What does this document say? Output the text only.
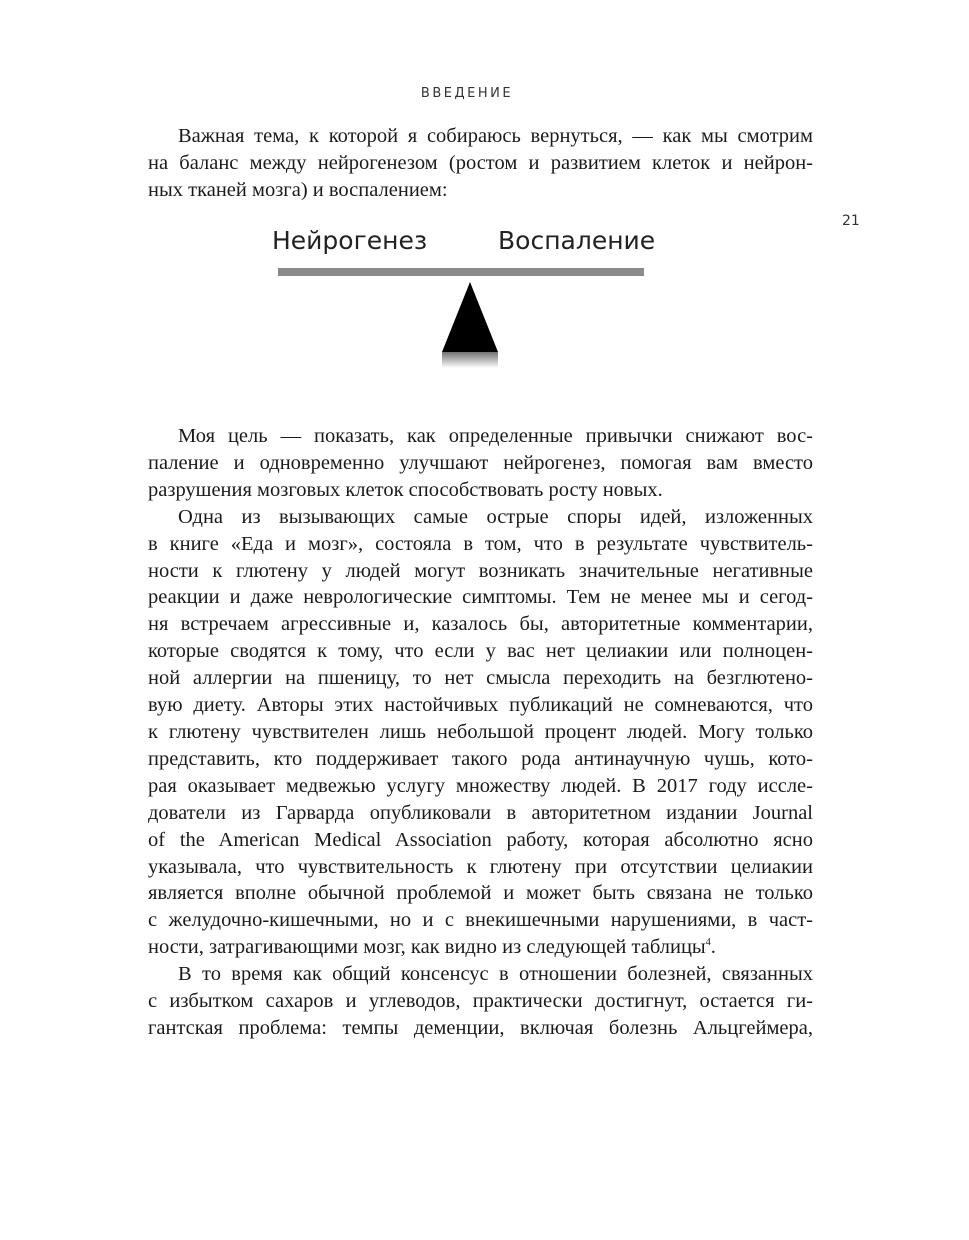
ВВЕДЕНИЕ
21
Важная тема, к которой я собираюсь вернуться, — как мы смотрим
на баланс между нейрогенезом (ростом и развитием клеток и нейрон-
ных тканей мозга) и воспалением:
Нейрогенез	Воспаление
Моя цель — показать, как определенные привычки снижают вос-
паление и одновременно улучшают нейрогенез, помогая вам вместо
разрушения мозговых клеток способствовать росту новых.
Одна из вызывающих самые острые споры идей, изложенных
в книге «Еда и мозг», состояла в том, что в результате чувствитель-
ности к глютену у людей могут возникать значительные негативные
реакции и даже неврологические симптомы. Тем не менее мы и сегод-
ня встречаем агрессивные и, казалось бы, авторитетные комментарии,
которые сводятся к тому, что если у вас нет целиакии или полноцен-
ной аллергии на пшеницу, то нет смысла переходить на безглютено-
вую диету. Авторы этих настойчивых публикаций не сомневаются, что
к глютену чувствителен лишь небольшой процент людей. Могу только
представить, кто поддерживает такого рода антинаучную чушь, кото-
рая оказывает медвежью услугу множеству людей. В 2017 году иссле-
дователи из Гарварда опубликовали в авторитетном издании Journal
of the American Medical Association работу, которая абсолютно ясно
указывала, что чувствительность к глютену при отсутствии целиакии
является вполне обычной проблемой и может быть связана не только
с желудочно-кишечными, но и с внекишечными нарушениями, в част-
ности, затрагивающими мозг, как видно из следующей таблицы$^4$.
В то время как общий консенсус в отношении болезней, связанных
с избытком сахаров и углеводов, практически достигнут, остается ги-
гантская проблема: темпы деменции, включая болезнь Альцгеймера,
